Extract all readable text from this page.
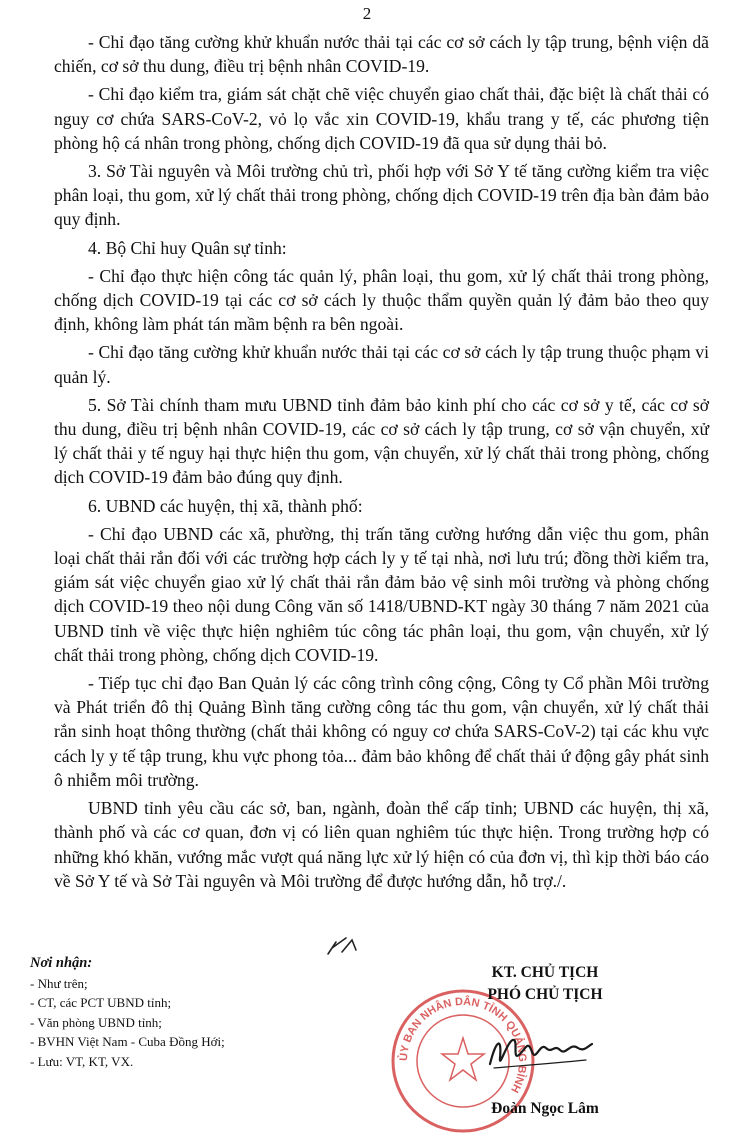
2

- Chỉ đạo tăng cường khử khuẩn nước thải tại các cơ sở cách ly tập trung, bệnh viện dã chiến, cơ sở thu dung, điều trị bệnh nhân COVID-19.

- Chỉ đạo kiểm tra, giám sát chặt chẽ việc chuyển giao chất thải, đặc biệt là chất thải có nguy cơ chứa SARS-CoV-2, vỏ lọ vắc xin COVID-19, khẩu trang y tế, các phương tiện phòng hộ cá nhân trong phòng, chống dịch COVID-19 đã qua sử dụng thải bỏ.

3. Sở Tài nguyên và Môi trường chủ trì, phối hợp với Sở Y tế tăng cường kiểm tra việc phân loại, thu gom, xử lý chất thải trong phòng, chống dịch COVID-19 trên địa bàn đảm bảo quy định.

4. Bộ Chỉ huy Quân sự tỉnh:

- Chỉ đạo thực hiện công tác quản lý, phân loại, thu gom, xử lý chất thải trong phòng, chống dịch COVID-19 tại các cơ sở cách ly thuộc thẩm quyền quản lý đảm bảo theo quy định, không làm phát tán mầm bệnh ra bên ngoài.

- Chỉ đạo tăng cường khử khuẩn nước thải tại các cơ sở cách ly tập trung thuộc phạm vi quản lý.

5. Sở Tài chính tham mưu UBND tỉnh đảm bảo kinh phí cho các cơ sở y tế, các cơ sở thu dung, điều trị bệnh nhân COVID-19, các cơ sở cách ly tập trung, cơ sở vận chuyển, xử lý chất thải y tế nguy hại thực hiện thu gom, vận chuyển, xử lý chất thải trong phòng, chống dịch COVID-19 đảm bảo đúng quy định.

6. UBND các huyện, thị xã, thành phố:

- Chỉ đạo UBND các xã, phường, thị trấn tăng cường hướng dẫn việc thu gom, phân loại chất thải rắn đối với các trường hợp cách ly y tế tại nhà, nơi lưu trú; đồng thời kiểm tra, giám sát việc chuyển giao xử lý chất thải rắn đảm bảo vệ sinh môi trường và phòng chống dịch COVID-19 theo nội dung Công văn số 1418/UBND-KT ngày 30 tháng 7 năm 2021 của UBND tỉnh về việc thực hiện nghiêm túc công tác phân loại, thu gom, vận chuyển, xử lý chất thải trong phòng, chống dịch COVID-19.

- Tiếp tục chỉ đạo Ban Quản lý các công trình công cộng, Công ty Cổ phần Môi trường và Phát triển đô thị Quảng Bình tăng cường công tác thu gom, vận chuyển, xử lý chất thải rắn sinh hoạt thông thường (chất thải không có nguy cơ chứa SARS-CoV-2) tại các khu vực cách ly y tế tập trung, khu vực phong tỏa... đảm bảo không để chất thải ứ động gây phát sinh ô nhiễm môi trường.

UBND tỉnh yêu cầu các sở, ban, ngành, đoàn thể cấp tỉnh; UBND các huyện, thị xã, thành phố và các cơ quan, đơn vị có liên quan nghiêm túc thực hiện. Trong trường hợp có những khó khăn, vướng mắc vượt quá năng lực xử lý hiện có của đơn vị, thì kịp thời báo cáo về Sở Y tế và Sở Tài nguyên và Môi trường để được hướng dẫn, hỗ trợ./.

Nơi nhận:
- Như trên;
- CT, các PCT UBND tỉnh;
- Văn phòng UBND tỉnh;
- BVHN Việt Nam - Cuba Đồng Hới;
- Lưu: VT, KT, VX.	ỦY BAN NHÂN DÂN TỈNH QUẢNG BÌNH
KT. CHỦ TỊCH
PHÓ CHỦ TỊCH
Đoàn Ngọc Lâm
